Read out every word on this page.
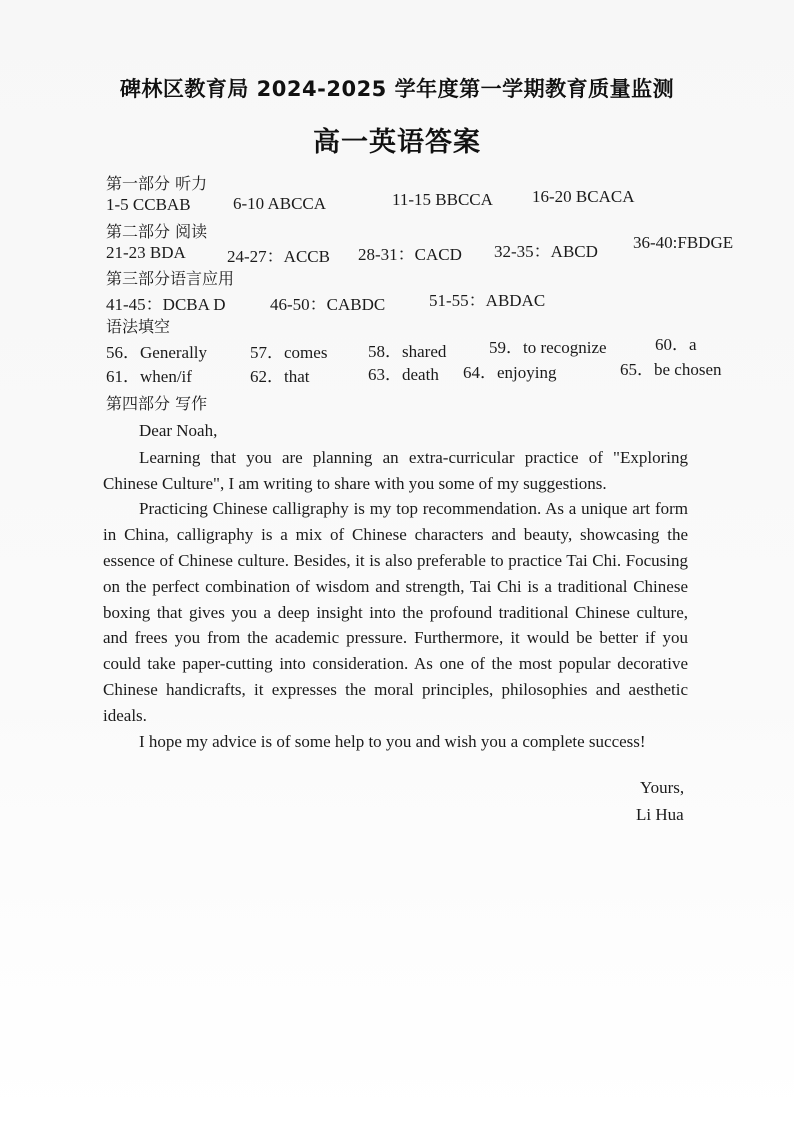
碑林区教育局 2024-2025 学年度第一学期教育质量监测
高一英语答案
第一部分 听力
1-5 CCBAB 6-10 ABCCA	11-15 BBCCA 16-20 BCACA
第二部分 阅读
21-23 BDA 24-27：ACCB 28-31：CACD 32-35：ABCD 36-40:FBDGE
第三部分语言应用
41-45：DCBA D	46-50：CABDC	51-55：ABDAC
语法填空
56．Generally	57．comes 58．shared	59．to recognize	60．a
61．when/if	62．that	63．death 64．enjoying	65．be chosen
第四部分 写作

Dear Noah,

Learning that you are planning an extra-curricular practice of "Exploring Chinese Culture", I am writing to share with you some of my suggestions.

Practicing Chinese calligraphy is my top recommendation. As a unique art form in China, calligraphy is a mix of Chinese characters and beauty, showcasing the essence of Chinese culture. Besides, it is also preferable to practice Tai Chi. Focusing on the perfect combination of wisdom and strength, Tai Chi is a traditional Chinese boxing that gives you a deep insight into the profound traditional Chinese culture, and frees you from the academic pressure. Furthermore, it would be better if you could take paper-cutting into consideration. As one of the most popular decorative Chinese handicrafts, it expresses the moral principles, philosophies and aesthetic ideals.

I hope my advice is of some help to you and wish you a complete success!

Yours,
Li Hua
